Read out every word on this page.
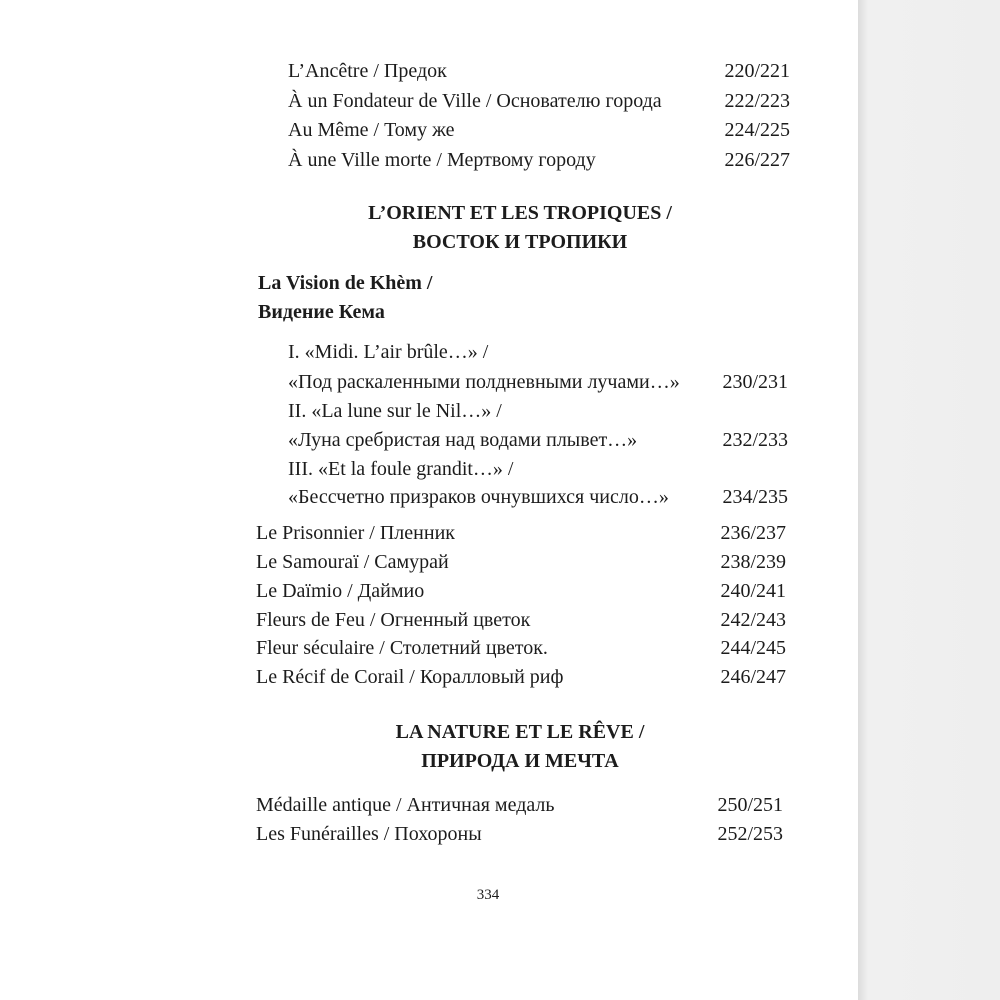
L’Ancêtre / Предок	220/221
À un Fondateur de Ville / Основателю города	222/223
Au Même / Тому же	224/225
À une Ville morte / Мертвому городу	226/227
L’ORIENT ET LES TROPIQUES /
ВОСТОК И ТРОПИКИ
La Vision de Khèm /
Видение Кема
I. «Midi. L’air brûle…» /
«Под раскаленными полдневными лучами…» 230/231
II. «La lune sur le Nil…» /
«Луна сребристая над водами плывет…»	232/233
III. «Et la foule grandit…» /
«Бессчетно призраков очнувшихся число…»	234/235
Le Prisonnier / Пленник	236/237
Le Samouraï / Самурай	238/239
Le Daïmio / Даймио	240/241
Fleurs de Feu / Огненный цветок	242/243
Fleur séculaire / Столетний цветок.	244/245
Le Récif de Corail / Коралловый риф	246/247
LA NATURE ET LE RÊVE /
ПРИРОДА И МЕЧТА
Médaille antique / Античная медаль	250/251
Les Funérailles / Похороны	252/253
334
